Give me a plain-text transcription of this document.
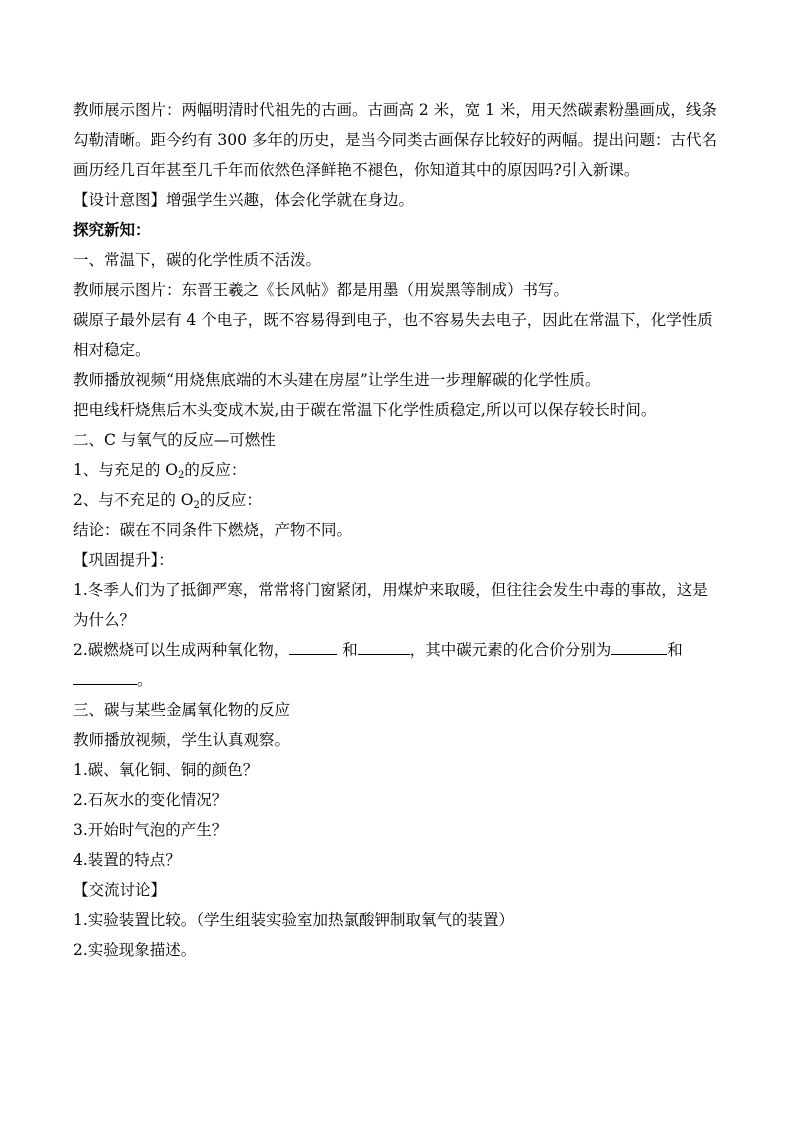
教师展示图片：两幅明清时代祖先的古画。古画高 2 米，宽 1 米，用天然碳素粉墨画成，线条
勾勒清晰。距今约有 300 多年的历史，是当今同类古画保存比较好的两幅。提出问题：古代名
画历经几百年甚至几千年而依然色泽鲜艳不褪色，你知道其中的原因吗?引入新课。
【设计意图】增强学生兴趣，体会化学就在身边。
探究新知：
一、常温下，碳的化学性质不活泼。
教师展示图片：东晋王羲之《长风帖》都是用墨（用炭黑等制成）书写。
碳原子最外层有 4 个电子，既不容易得到电子，也不容易失去电子，因此在常温下，化学性质
相对稳定。
教师播放视频“用烧焦底端的木头建在房屋”让学生进一步理解碳的化学性质。
把电线杆烧焦后木头变成木炭,由于碳在常温下化学性质稳定,所以可以保存较长时间。
二、C 与氧气的反应—可燃性
1、与充足的 $O_2$的反应：
2、与不充足的 $O_2$的反应：
结论：碳在不同条件下燃烧，产物不同。
【巩固提升】：
1.冬季人们为了抵御严寒，常常将门窗紧闭，用煤炉来取暖，但往往会发生中毒的事故，这是
为什么？
2.碳燃烧可以生成两种氧化物，	和	，其中碳元素的化合价分别为	和
。
三、碳与某些金属氧化物的反应
教师播放视频，学生认真观察。
1.碳、氧化铜、铜的颜色？
2.石灰水的变化情况？
3.开始时气泡的产生？
4.装置的特点？
【交流讨论】
1.实验装置比较。（学生组装实验室加热氯酸钾制取氧气的装置）
2.实验现象描述。
